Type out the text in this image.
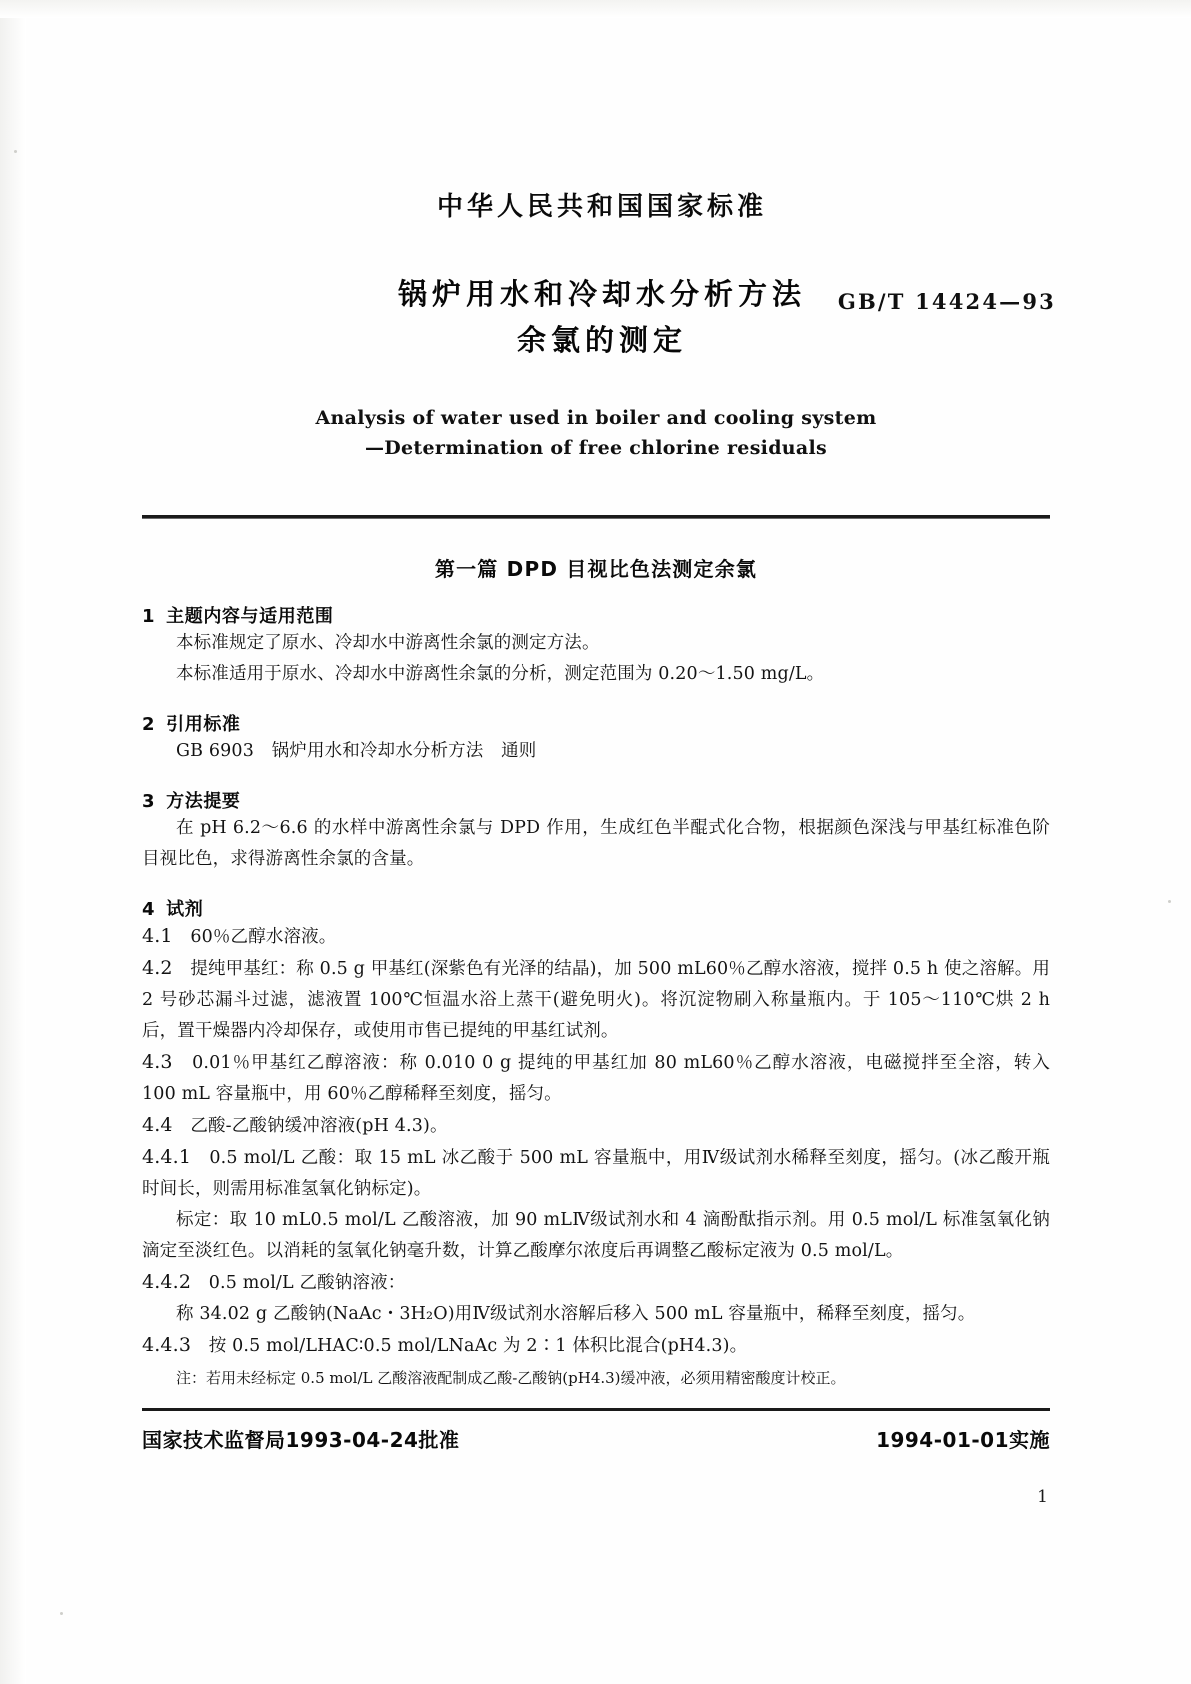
中华人民共和国国家标准
锅炉用水和冷却水分析方法
余氯的测定
GB/T 14424—93
Analysis of water used in boiler and cooling system
—Determination of free chlorine residuals
第一篇 DPD 目视比色法测定余氯
1 主题内容与适用范围

本标准规定了原水、冷却水中游离性余氯的测定方法。

本标准适用于原水、冷却水中游离性余氯的分析，测定范围为 0.20～1.50 mg/L。

2 引用标准

GB 6903　锅炉用水和冷却水分析方法　通则

3 方法提要

在 pH 6.2～6.6 的水样中游离性余氯与 DPD 作用，生成红色半醌式化合物，根据颜色深浅与甲基红标准色阶目视比色，求得游离性余氯的含量。

4 试剂

4.1　 60％乙醇水溶液。

4.2　 提纯甲基红：称 0.5 g 甲基红(深紫色有光泽的结晶)，加 500 mL60％乙醇水溶液，搅拌 0.5 h 使之溶解。用 2 号砂芯漏斗过滤，滤液置 100℃恒温水浴上蒸干(避免明火)。将沉淀物刷入称量瓶内。于 105～110℃烘 2 h 后，置干燥器内冷却保存，或使用市售已提纯的甲基红试剂。

4.3　 0.01％甲基红乙醇溶液：称 0.010 0 g 提纯的甲基红加 80 mL60％乙醇水溶液，电磁搅拌至全溶，转入 100 mL 容量瓶中，用 60％乙醇稀释至刻度，摇匀。

4.4　 乙酸-乙酸钠缓冲溶液(pH 4.3)。

4.4.1　 0.5 mol/L 乙酸：取 15 mL 冰乙酸于 500 mL 容量瓶中，用Ⅳ级试剂水稀释至刻度，摇匀。(冰乙酸开瓶时间长，则需用标准氢氧化钠标定)。

标定：取 10 mL0.5 mol/L 乙酸溶液，加 90 mLⅣ级试剂水和 4 滴酚酞指示剂。用 0.5 mol/L 标准氢氧化钠滴定至淡红色。以消耗的氢氧化钠毫升数，计算乙酸摩尔浓度后再调整乙酸标定液为 0.5 mol/L。

4.4.2　 0.5 mol/L 乙酸钠溶液：

称 34.02 g 乙酸钠(NaAc・3H₂O)用Ⅳ级试剂水溶解后移入 500 mL 容量瓶中，稀释至刻度，摇匀。

4.4.3　 按 0.5 mol/LHAC∶0.5 mol/LNaAc 为 2∶1 体积比混合(pH4.3)。

注：若用未经标定 0.5 mol/L 乙酸溶液配制成乙酸-乙酸钠(pH4.3)缓冲液，必须用精密酸度计校正。

国家技术监督局1993-04-24批准	1994-01-01实施
1
